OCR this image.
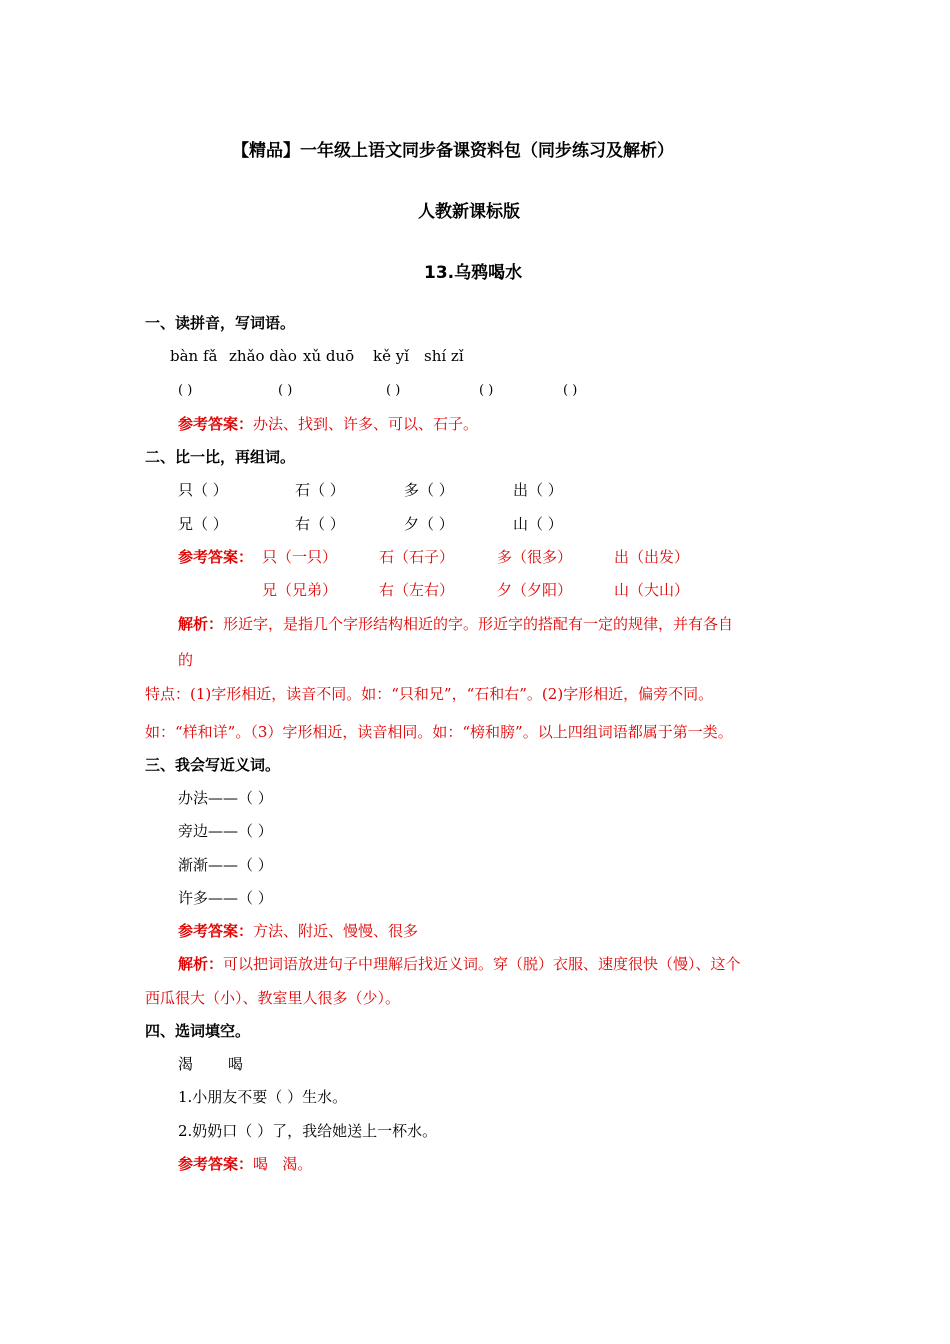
【精品】一年级上语文同步备课资料包（同步练习及解析）
人教新课标版
13.乌鸦喝水
一、读拼音，写词语。
bàn fǎ zhǎo dào xǔ duō kě yǐ shí zǐ
( )	( )	( )	( )	( )
参考答案：办法、找到、许多、可以、石子。
二、比一比，再组词。
只（ ）	石（ ）	多（ ）	出（ ）
兄（ ）	右（ ）	夕（ ）	山（ ）
参考答案： 只（一只）	石（石子）	多（很多）	出（出发）
兄（兄弟）	右（左右）	夕（夕阳）	山（大山）
解析：形近字，是指几个字形结构相近的字。形近字的搭配有一定的规律，并有各自
的
特点：(1)字形相近，读音不同。如：“只和兄”，“石和右”。(2)字形相近，偏旁不同。
如：“样和详”。（3）字形相近，读音相同。如：“榜和膀”。以上四组词语都属于第一类。
三、我会写近义词。
办法——（ ）
旁边——（ ）
渐渐——（ ）
许多——（ ）
参考答案：方法、附近、慢慢、很多
解析：可以把词语放进句子中理解后找近义词。穿（脱）衣服、速度很快（慢）、这个
西瓜很大（小）、教室里人很多（少）。
四、选词填空。
渴 喝
1.小朋友不要（ ）生水。
2.奶奶口（ ）了，我给她送上一杯水。
参考答案：喝   渴。
